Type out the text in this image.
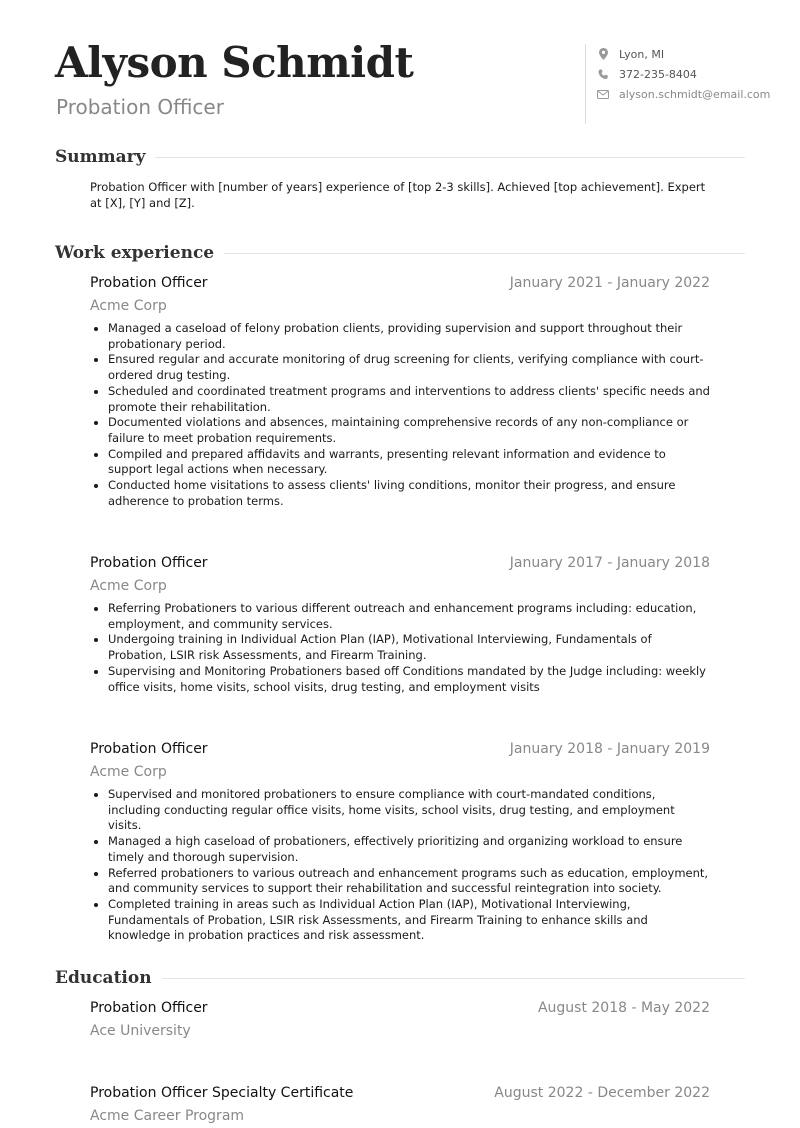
Alyson Schmidt
Probation Officer
Lyon, MI
372-235-8404
alyson.schmidt@email.com
Summary
Probation Officer with [number of years] experience of [top 2-3 skills]. Achieved [top achievement]. Expert at [X], [Y] and [Z].
Work experience
Probation Officer	January 2021 - January 2022
Acme Corp
• Managed a caseload of felony probation clients, providing supervision and support throughout their probationary period.
• Ensured regular and accurate monitoring of drug screening for clients, verifying compliance with court-ordered drug testing.
• Scheduled and coordinated treatment programs and interventions to address clients' specific needs and promote their rehabilitation.
• Documented violations and absences, maintaining comprehensive records of any non-compliance or failure to meet probation requirements.
• Compiled and prepared affidavits and warrants, presenting relevant information and evidence to support legal actions when necessary.
• Conducted home visitations to assess clients' living conditions, monitor their progress, and ensure adherence to probation terms.
Probation Officer	January 2017 - January 2018
Acme Corp
• Referring Probationers to various different outreach and enhancement programs including: education, employment, and community services.
• Undergoing training in Individual Action Plan (IAP), Motivational Interviewing, Fundamentals of Probation, LSIR risk Assessments, and Firearm Training.
• Supervising and Monitoring Probationers based off Conditions mandated by the Judge including: weekly office visits, home visits, school visits, drug testing, and employment visits
Probation Officer	January 2018 - January 2019
Acme Corp
• Supervised and monitored probationers to ensure compliance with court-mandated conditions, including conducting regular office visits, home visits, school visits, drug testing, and employment visits.
• Managed a high caseload of probationers, effectively prioritizing and organizing workload to ensure timely and thorough supervision.
• Referred probationers to various outreach and enhancement programs such as education, employment, and community services to support their rehabilitation and successful reintegration into society.
• Completed training in areas such as Individual Action Plan (IAP), Motivational Interviewing, Fundamentals of Probation, LSIR risk Assessments, and Firearm Training to enhance skills and knowledge in probation practices and risk assessment.
Education
Probation Officer	August 2018 - May 2022
Ace University
Probation Officer Specialty Certificate	August 2022 - December 2022
Acme Career Program
